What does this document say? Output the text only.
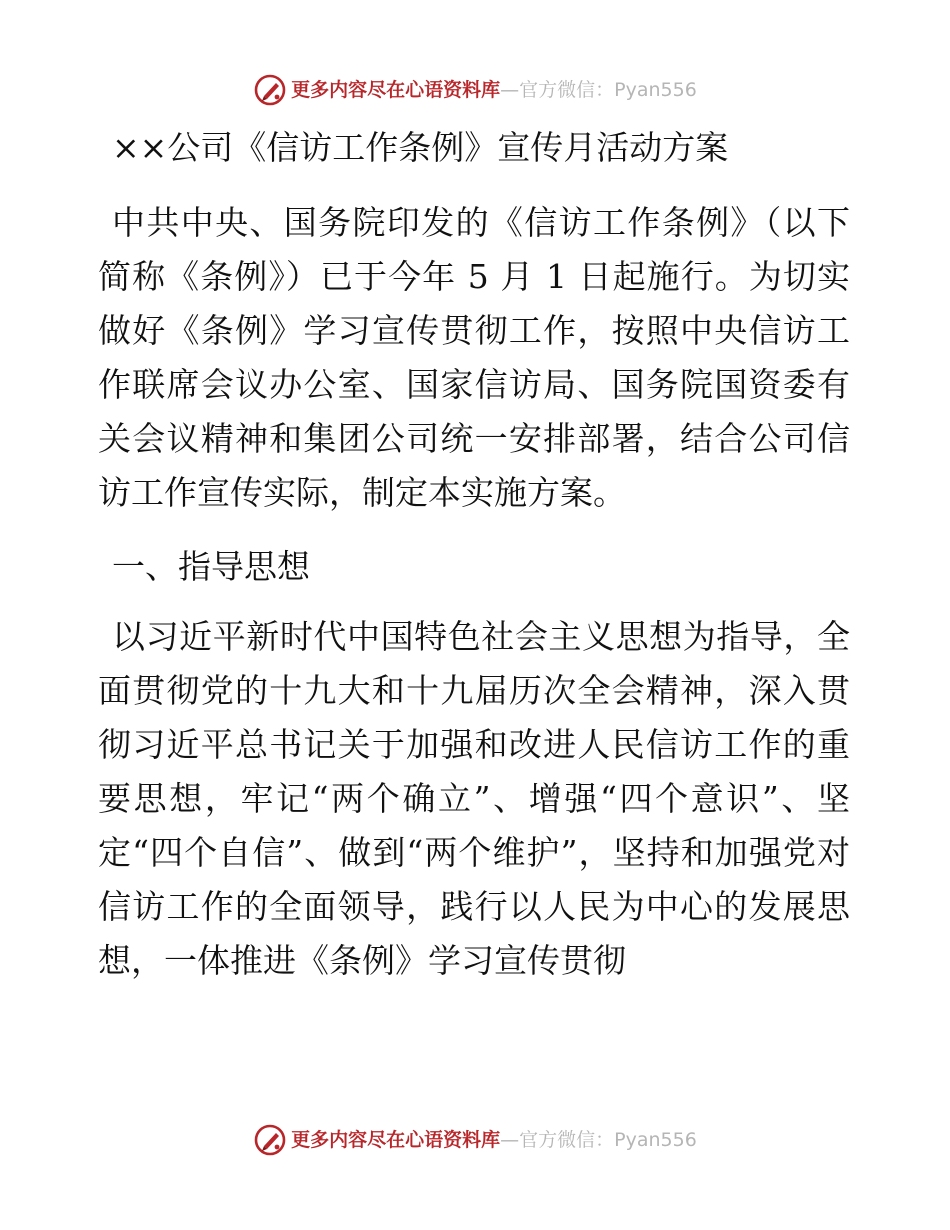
更多内容尽在心语资料库—官方微信：Pyan556
××公司《信访工作条例》宣传月活动方案

中共中央、国务院印发的《信访工作条例》（以下简称《条例》）已于今年 5 月 1 日起施行。为切实做好《条例》学习宣传贯彻工作，按照中央信访工作联席会议办公室、国家信访局、国务院国资委有关会议精神和集团公司统一安排部署，结合公司信访工作宣传实际，制定本实施方案。

一、指导思想

以习近平新时代中国特色社会主义思想为指导，全面贯彻党的十九大和十九届历次全会精神，深入贯彻习近平总书记关于加强和改进人民信访工作的重要思想，牢记“两个确立”、增强“四个意识”、坚定“四个自信”、做到“两个维护”，坚持和加强党对信访工作的全面领导，践行以人民为中心的发展思想，一体推进《条例》学习宣传贯彻

更多内容尽在心语资料库—官方微信：Pyan556
